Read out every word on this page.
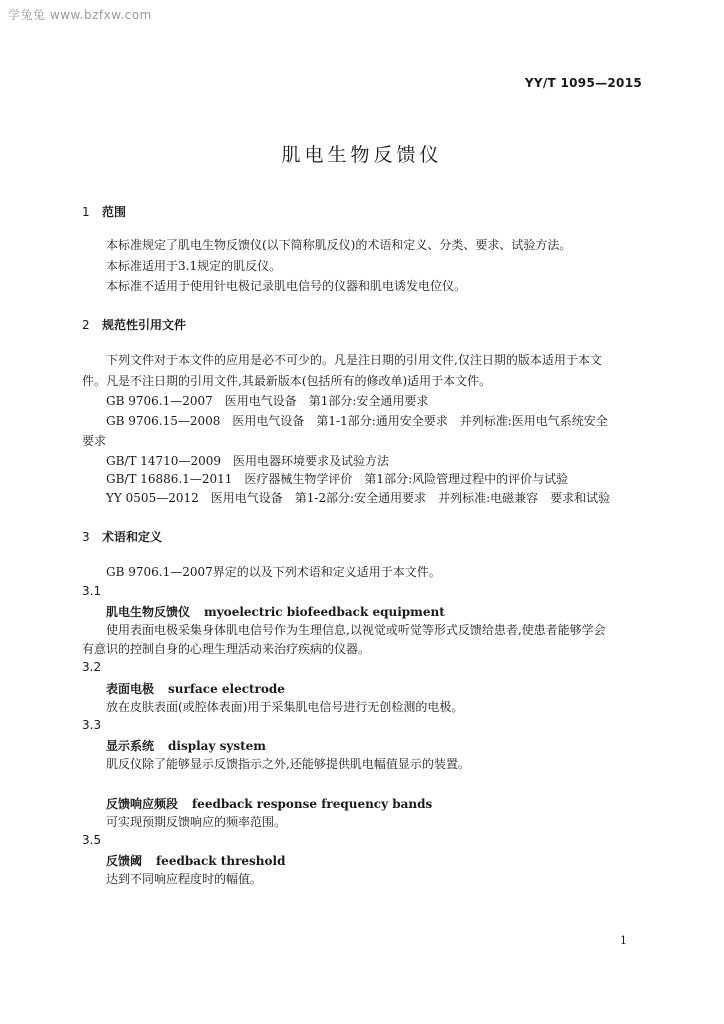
学兔兔 www.bzfxw.com
YY/T 1095—2015
肌电生物反馈仪
1 范围
本标准规定了肌电生物反馈仪(以下简称肌反仪)的术语和定义、分类、要求、试验方法。
本标准适用于3.1规定的肌反仪。
本标准不适用于使用针电极记录肌电信号的仪器和肌电诱发电位仪。
2 规范性引用文件
下列文件对于本文件的应用是必不可少的。凡是注日期的引用文件,仅注日期的版本适用于本文
件。凡是不注日期的引用文件,其最新版本(包括所有的修改单)适用于本文件。
GB 9706.1—2007　医用电气设备　第1部分:安全通用要求
GB 9706.15—2008　医用电气设备　第1-1部分:通用安全要求　并列标准:医用电气系统安全
要求
GB/T 14710—2009　医用电器环境要求及试验方法
GB/T 16886.1—2011　医疗器械生物学评价　第1部分:风险管理过程中的评价与试验
YY 0505—2012　医用电气设备　第1-2部分:安全通用要求　并列标准:电磁兼容　要求和试验
3 术语和定义
GB 9706.1—2007界定的以及下列术语和定义适用于本文件。
3.1
肌电生物反馈仪 myoelectric biofeedback equipment
使用表面电极采集身体肌电信号作为生理信息,以视觉或听觉等形式反馈给患者,使患者能够学会
有意识的控制自身的心理生理活动来治疗疾病的仪器。
3.2
表面电极 surface electrode
放在皮肤表面(或腔体表面)用于采集肌电信号进行无创检测的电极。
3.3
显示系统 display system
肌反仪除了能够显示反馈指示之外,还能够提供肌电幅值显示的装置。
3.4
反馈响应频段 feedback response frequency bands
可实现预期反馈响应的频率范围。
3.5
反馈阈 feedback threshold
达到不同响应程度时的幅值。
1
